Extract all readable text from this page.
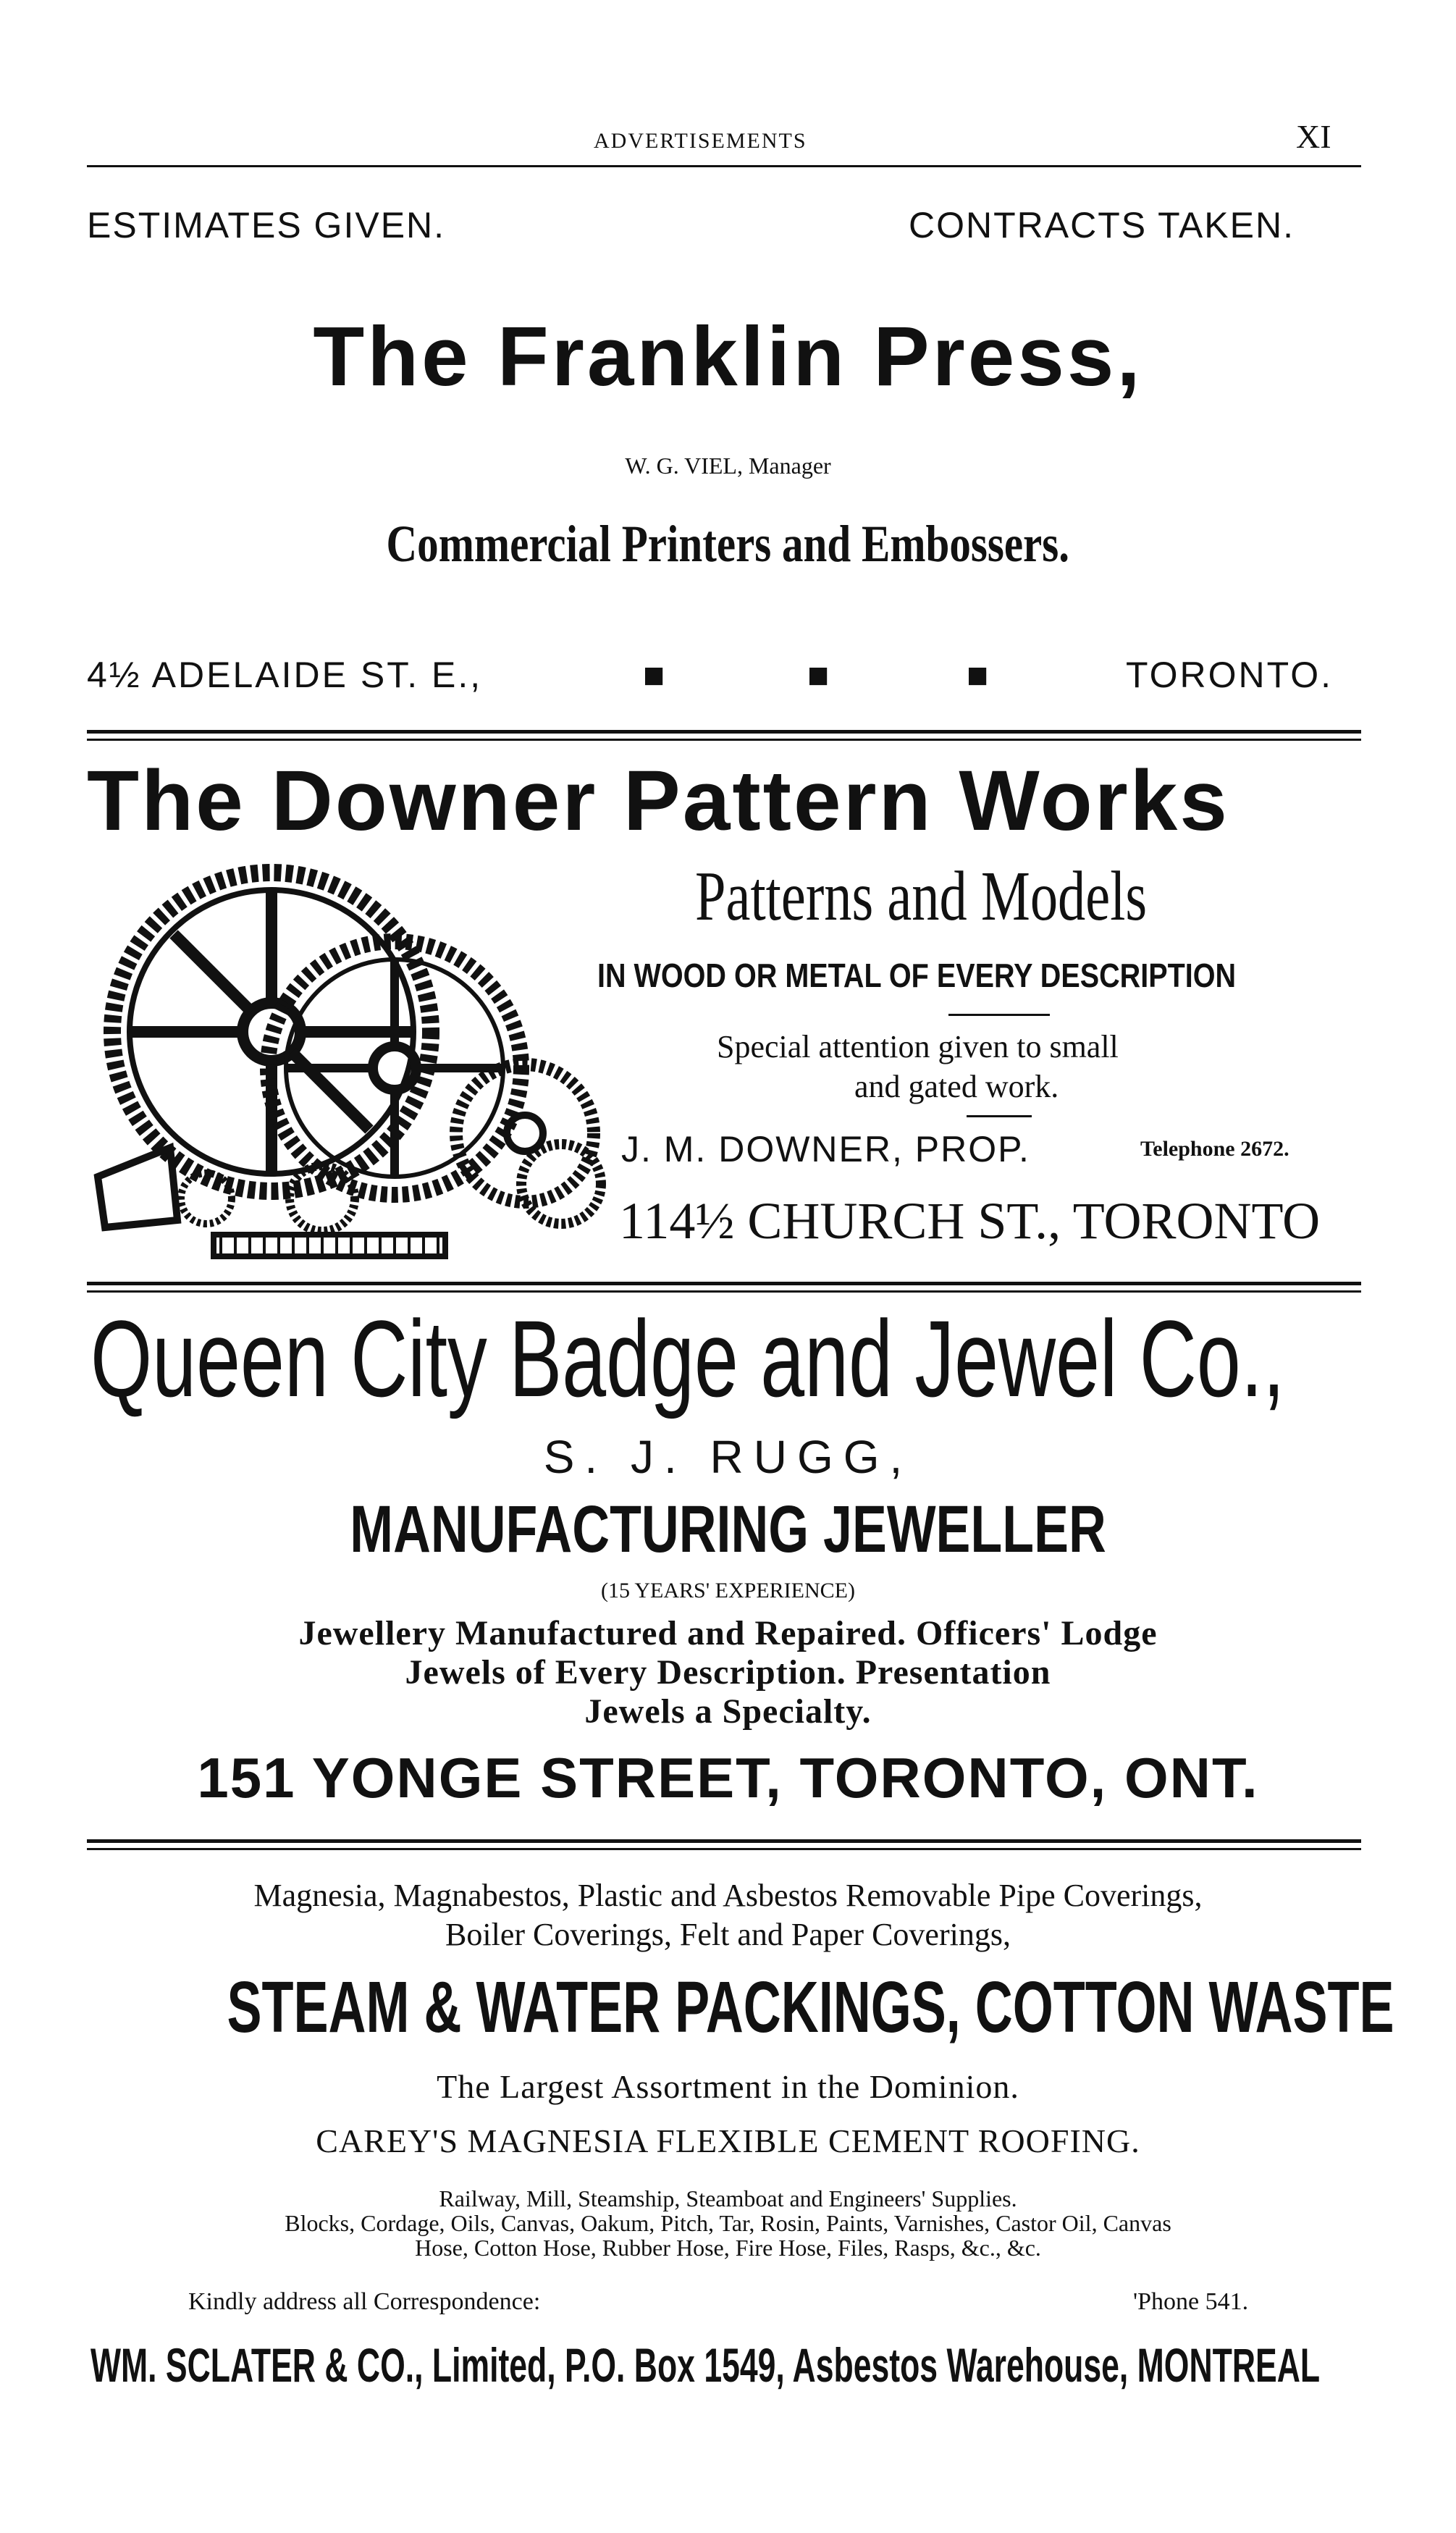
ADVERTISEMENTS	XI
ESTIMATES GIVEN.	CONTRACTS TAKEN.
The Franklin Press,
W. G. VIEL, Manager
Commercial Printers and Embossers.
4½ ADELAIDE ST. E.,	■	■	■	TORONTO.
The Downer Pattern Works
Patterns and Models
IN WOOD OR METAL OF EVERY DESCRIPTION
Special attention given to small
and gated work.
J. M. DOWNER, PROP.	Telephone 2672.
114½ CHURCH ST., TORONTO
Queen City Badge and Jewel Co.,
S. J. RUGG,
MANUFACTURING JEWELLER
(15 YEARS' EXPERIENCE)
Jewellery Manufactured and Repaired. Officers' Lodge
Jewels of Every Description. Presentation
Jewels a Specialty.
151 YONGE STREET, TORONTO, ONT.
Magnesia, Magnabestos, Plastic and Asbestos Removable Pipe Coverings,
Boiler Coverings, Felt and Paper Coverings,
STEAM & WATER PACKINGS, COTTON WASTE
The Largest Assortment in the Dominion.
CAREY'S MAGNESIA FLEXIBLE CEMENT ROOFING.
Railway, Mill, Steamship, Steamboat and Engineers' Supplies.
Blocks, Cordage, Oils, Canvas, Oakum, Pitch, Tar, Rosin, Paints, Varnishes, Castor Oil, Canvas
Hose, Cotton Hose, Rubber Hose, Fire Hose, Files, Rasps, &c., &c.
Kindly address all Correspondence:	'Phone 541.
WM. SCLATER & CO., Limited, P.O. Box 1549, Asbestos Warehouse, MONTREAL
